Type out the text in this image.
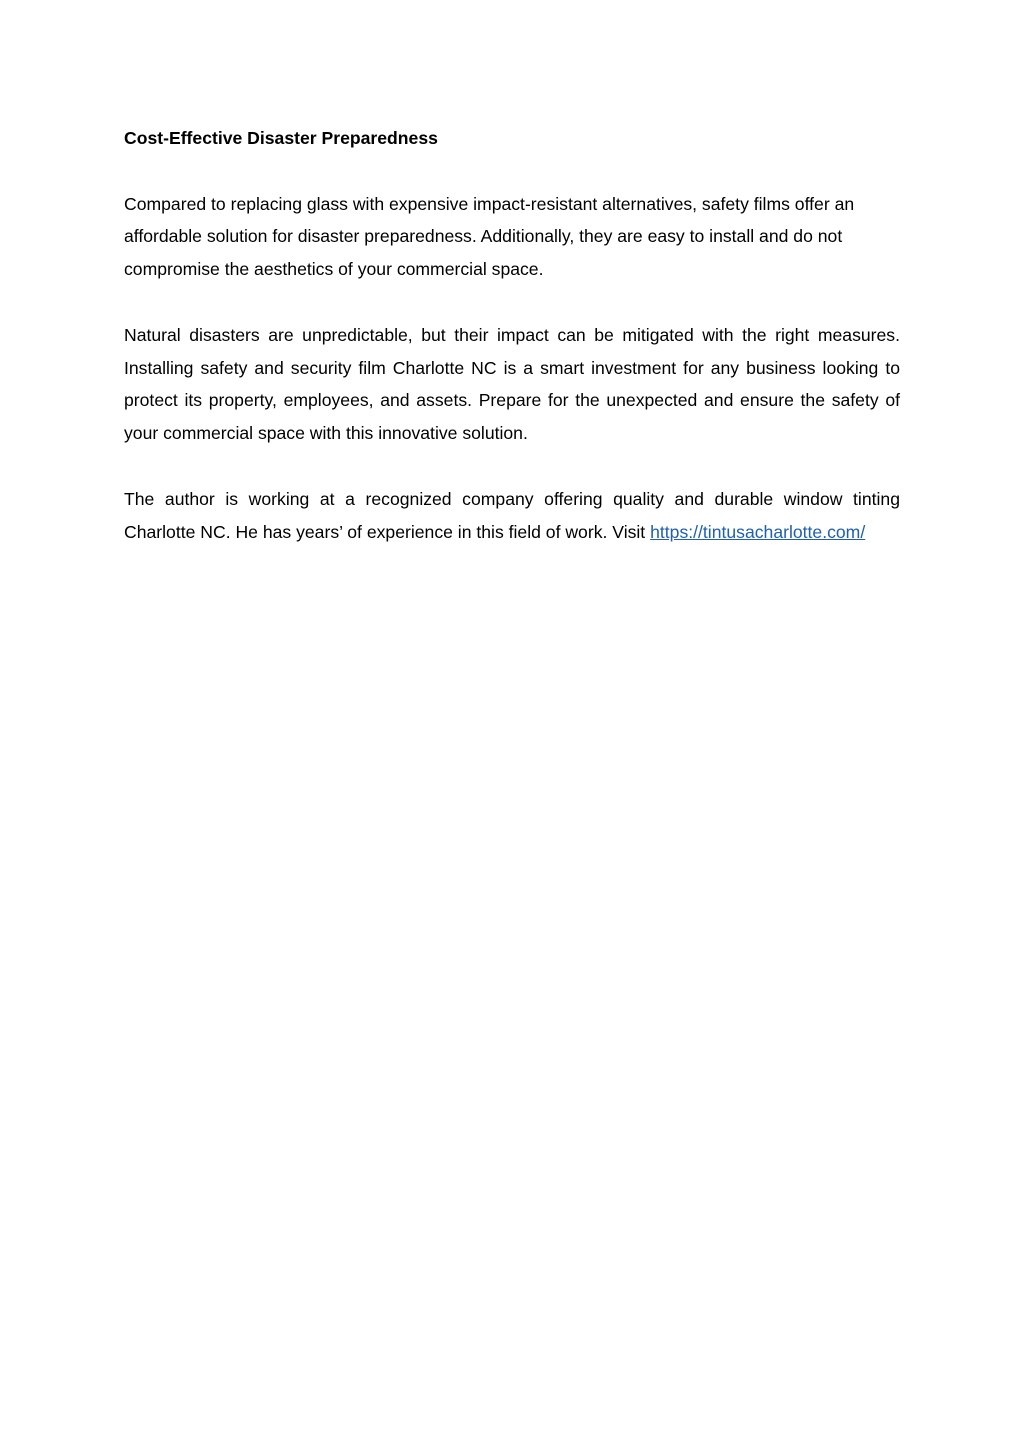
Cost-Effective Disaster Preparedness

Compared to replacing glass with expensive impact-resistant alternatives, safety films offer an affordable solution for disaster preparedness. Additionally, they are easy to install and do not compromise the aesthetics of your commercial space.

Natural disasters are unpredictable, but their impact can be mitigated with the right measures. Installing safety and security film Charlotte NC is a smart investment for any business looking to protect its property, employees, and assets. Prepare for the unexpected and ensure the safety of your commercial space with this innovative solution.

The author is working at a recognized company offering quality and durable window tinting Charlotte NC. He has years’ of experience in this field of work. Visit https://tintusacharlotte.com/
